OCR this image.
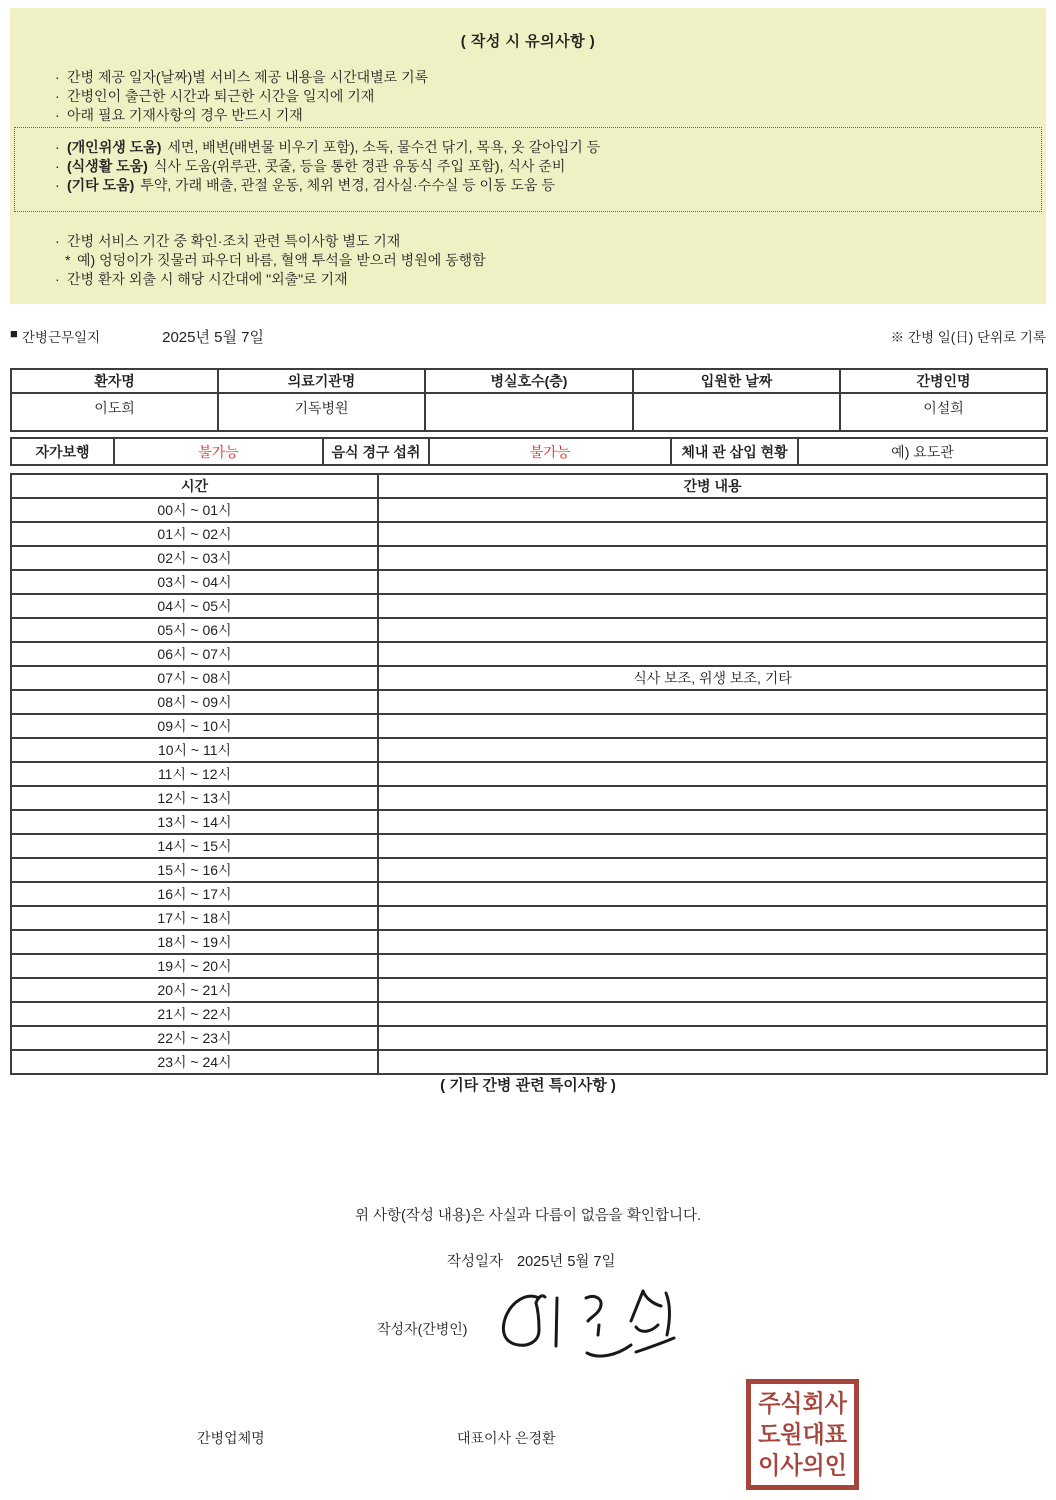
( 작성 시 유의사항 )
· 간병 제공 일자(날짜)별 서비스 제공 내용을 시간대별로 기록
· 간병인이 출근한 시간과 퇴근한 시간을 일지에 기재
· 아래 필요 기재사항의 경우 반드시 기재
· (개인위생 도움) 세면, 배변(배변물 비우기 포함), 소독, 물수건 닦기, 목욕, 옷 갈아입기 등
· (식생활 도움) 식사 도움(위루관, 콧줄, 등을 통한 경관 유동식 주입 포함), 식사 준비
· (기타 도움) 투약, 가래 배출, 관절 운동, 체위 변경, 검사실·수수실 등 이동 도움 등
· 간병 서비스 기간 중 확인·조치 관련 특이사항 별도 기재
* 예) 엉덩이가 짓물러 파우더 바름, 혈액 투석을 받으러 병원에 동행함
· 간병 환자 외출 시 해당 시간대에 "외출"로 기재
■ 간병근무일지	2025년 5월 7일	※ 간병 일(日) 단위로 기록
환자명	의료기관명	병실호수(층)	입원한 날짜	간병인명
이도희	기독병원			이설희
자가보행	불가능	음식 경구 섭취	불가능	체내 관 삽입 현황	예) 요도관
시간	간병 내용
00시 ~ 01시	
01시 ~ 02시	
02시 ~ 03시	
03시 ~ 04시	
04시 ~ 05시	
05시 ~ 06시	
06시 ~ 07시	
07시 ~ 08시	식사 보조, 위생 보조, 기타
08시 ~ 09시	
09시 ~ 10시	
10시 ~ 11시	
11시 ~ 12시	
12시 ~ 13시	
13시 ~ 14시	
14시 ~ 15시	
15시 ~ 16시	
16시 ~ 17시	
17시 ~ 18시	
18시 ~ 19시	
19시 ~ 20시	
20시 ~ 21시	
21시 ~ 22시	
22시 ~ 23시	
23시 ~ 24시	
( 기타 간병 관련 특이사항 )
위 사항(작성 내용)은 사실과 다름이 없음을 확인합니다.
작성일자 2025년 5월 7일
작성자(간병인)
간병업체명	대표이사 은경환
주식회사
도원대표
이사의인
